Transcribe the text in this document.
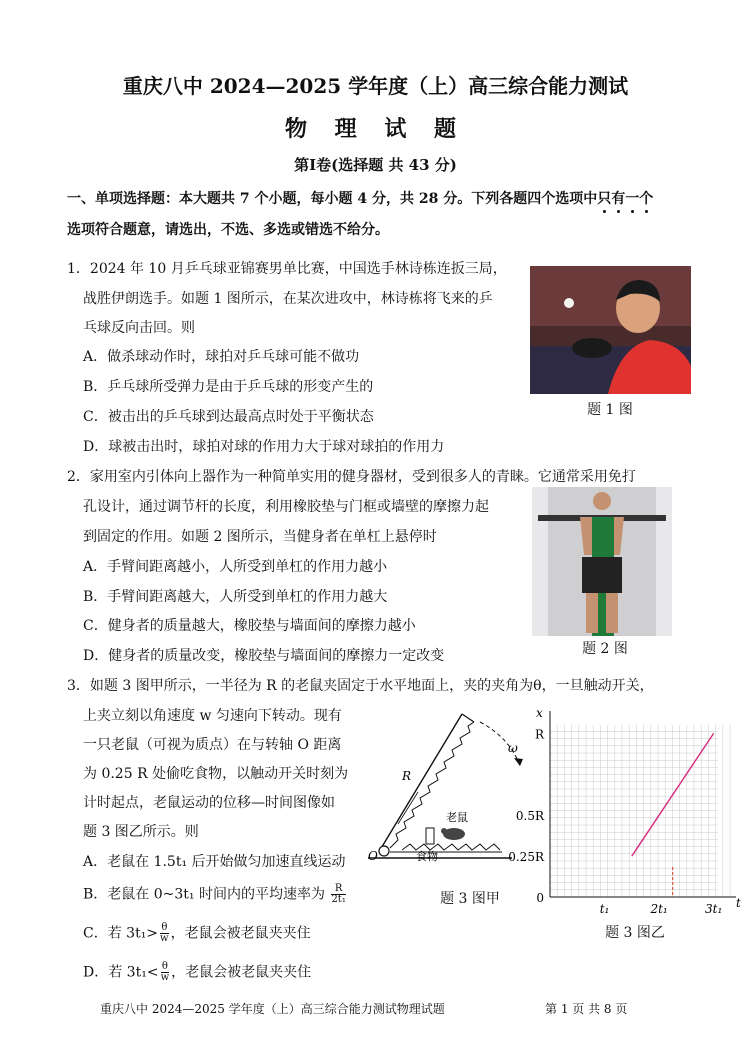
重庆八中 2024—2025 学年度（上）高三综合能力测试
物 理 试 题
第Ⅰ卷(选择题 共 43 分)
一、单项选择题：本大题共 7 个小题，每小题 4 分，共 28 分。下列各题四个选项中只有一个
选项符合题意，请选出，不选、多选或错选不给分。
1．2024 年 10 月乒乓球亚锦赛男单比赛，中国选手林诗栋连扳三局，
战胜伊朗选手。如题 1 图所示，在某次进攻中，林诗栋将飞来的乒
乓球反向击回。则
A．做杀球动作时，球拍对乒乓球可能不做功
B．乒乓球所受弹力是由于乒乓球的形变产生的
C．被击出的乒乓球到达最高点时处于平衡状态
D．球被击出时，球拍对球的作用力大于球对球拍的作用力
题 1 图
2．家用室内引体向上器作为一种简单实用的健身器材，受到很多人的青睐。它通常采用免打
孔设计，通过调节杆的长度，利用橡胶垫与门框或墙壁的摩擦力起
到固定的作用。如题 2 图所示，当健身者在单杠上悬停时
A．手臂间距离越小，人所受到单杠的作用力越小
B．手臂间距离越大，人所受到单杠的作用力越大
C．健身者的质量越大，橡胶垫与墙面间的摩擦力越小
D．健身者的质量改变，橡胶垫与墙面间的摩擦力一定改变	题 2 图
3．如题 3 图甲所示，一半径为 R 的老鼠夹固定于水平地面上，夹的夹角为θ，一旦触动开关，
上夹立刻以角速度 w 匀速向下转动。现有
一只老鼠（可视为质点）在与转轴 O 距离
为 0.25 R 处偷吃食物，以触动开关时刻为
计时起点，老鼠运动的位移—时间图像如
题 3 图乙所示。则
A．老鼠在 1.5t₁ 后开始做匀加速直线运动
B．老鼠在 0~3t₁ 时间内的平均速率为 $\frac{R}{\text{2t₁}}$
C．若 $3t_1> \frac{\theta}{w}$ ，老鼠会被老鼠夹夹住
D．若 $3t_1< \frac{\theta}{w}$ ，老鼠会被老鼠夹夹住
R
ω
老鼠
食物
O
题 3 图甲
x
t
R
0.5R
0.25R
0
t₁	2t₁	3t₁
题 3 图乙
重庆八中 2024—2025 学年度（上）高三综合能力测试物理试题	第 1 页 共 8 页
